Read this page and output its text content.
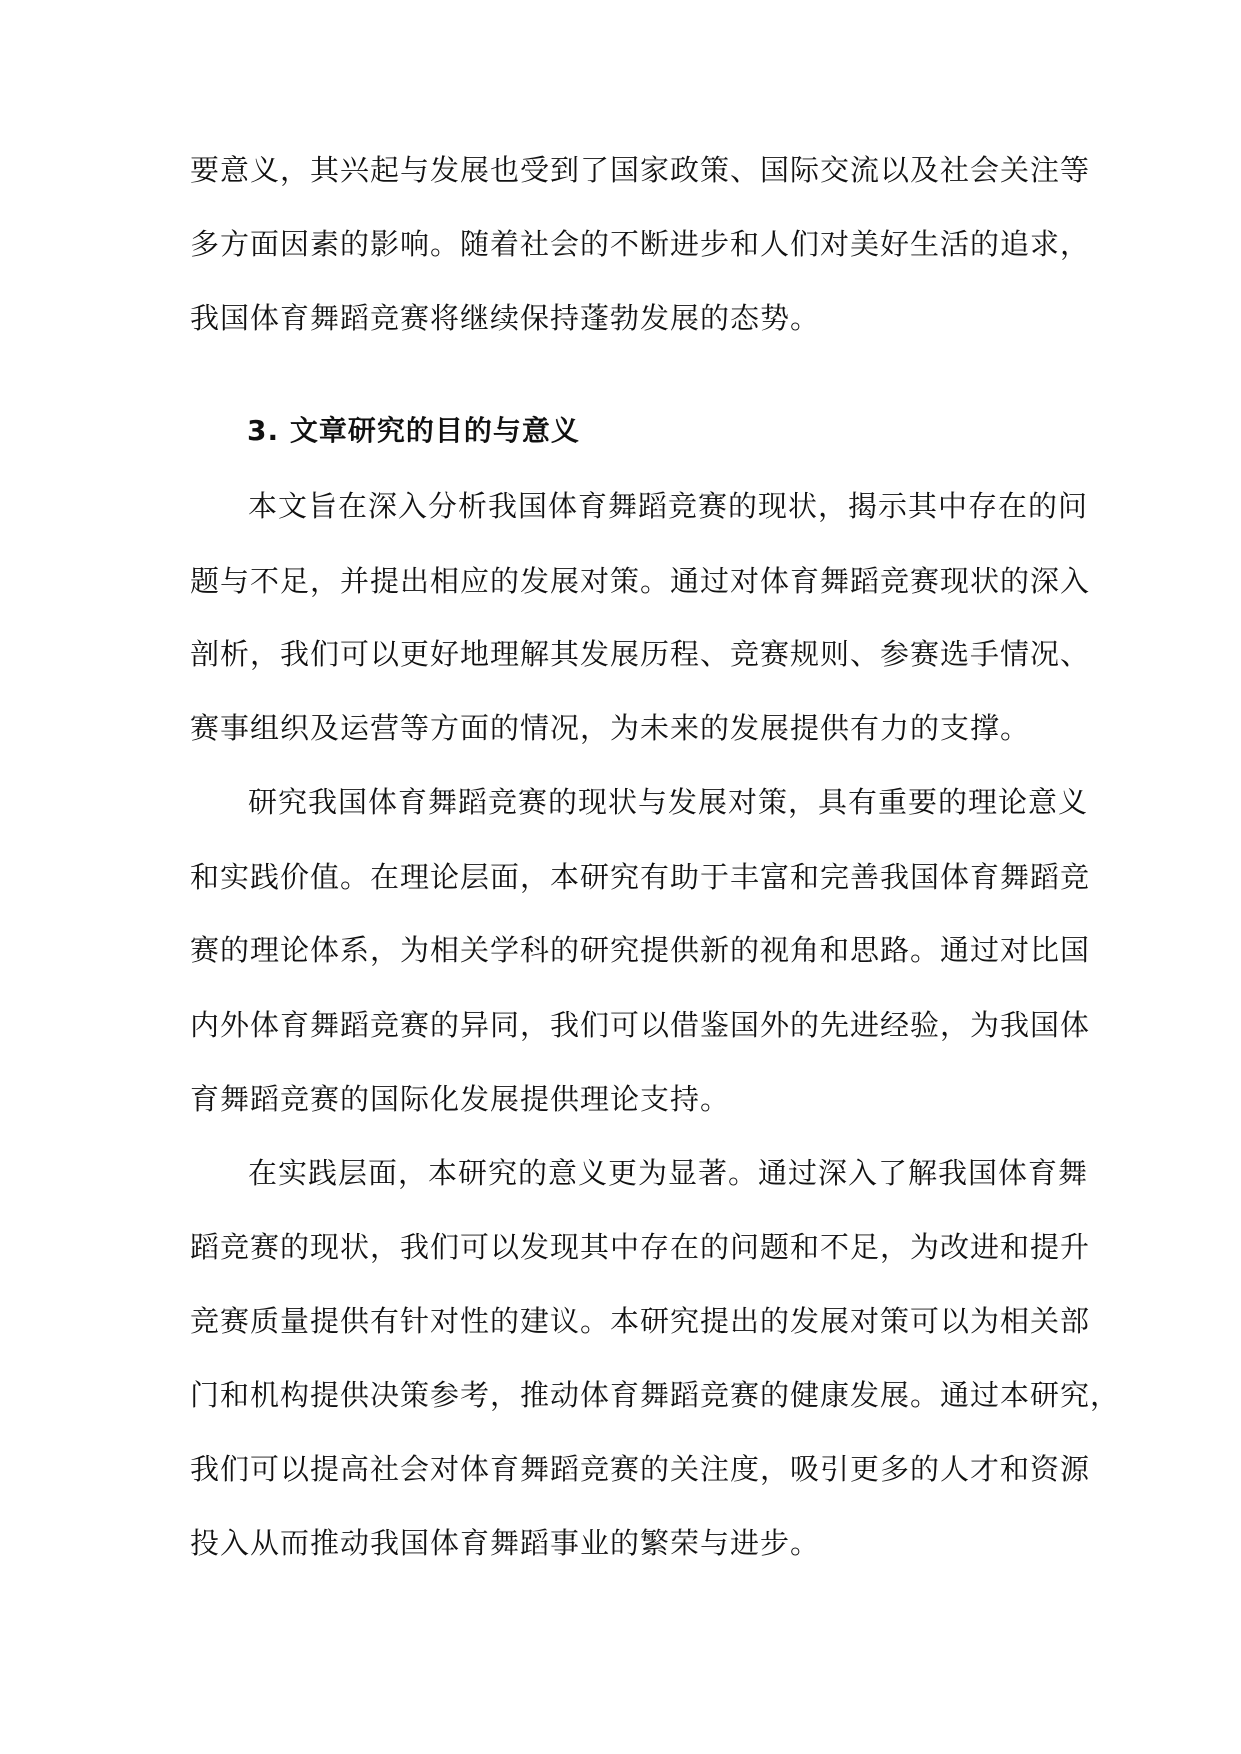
要意义，其兴起与发展也受到了国家政策、国际交流以及社会关注等
多方面因素的影响。随着社会的不断进步和人们对美好生活的追求，
我国体育舞蹈竞赛将继续保持蓬勃发展的态势。
3. 文章研究的目的与意义
本文旨在深入分析我国体育舞蹈竞赛的现状，揭示其中存在的问
题与不足，并提出相应的发展对策。通过对体育舞蹈竞赛现状的深入
剖析，我们可以更好地理解其发展历程、竞赛规则、参赛选手情况、
赛事组织及运营等方面的情况，为未来的发展提供有力的支撑。
研究我国体育舞蹈竞赛的现状与发展对策，具有重要的理论意义
和实践价值。在理论层面，本研究有助于丰富和完善我国体育舞蹈竞
赛的理论体系，为相关学科的研究提供新的视角和思路。通过对比国
内外体育舞蹈竞赛的异同，我们可以借鉴国外的先进经验，为我国体
育舞蹈竞赛的国际化发展提供理论支持。
在实践层面，本研究的意义更为显著。通过深入了解我国体育舞
蹈竞赛的现状，我们可以发现其中存在的问题和不足，为改进和提升
竞赛质量提供有针对性的建议。本研究提出的发展对策可以为相关部
门和机构提供决策参考，推动体育舞蹈竞赛的健康发展。通过本研究，
我们可以提高社会对体育舞蹈竞赛的关注度，吸引更多的人才和资源
投入从而推动我国体育舞蹈事业的繁荣与进步。
